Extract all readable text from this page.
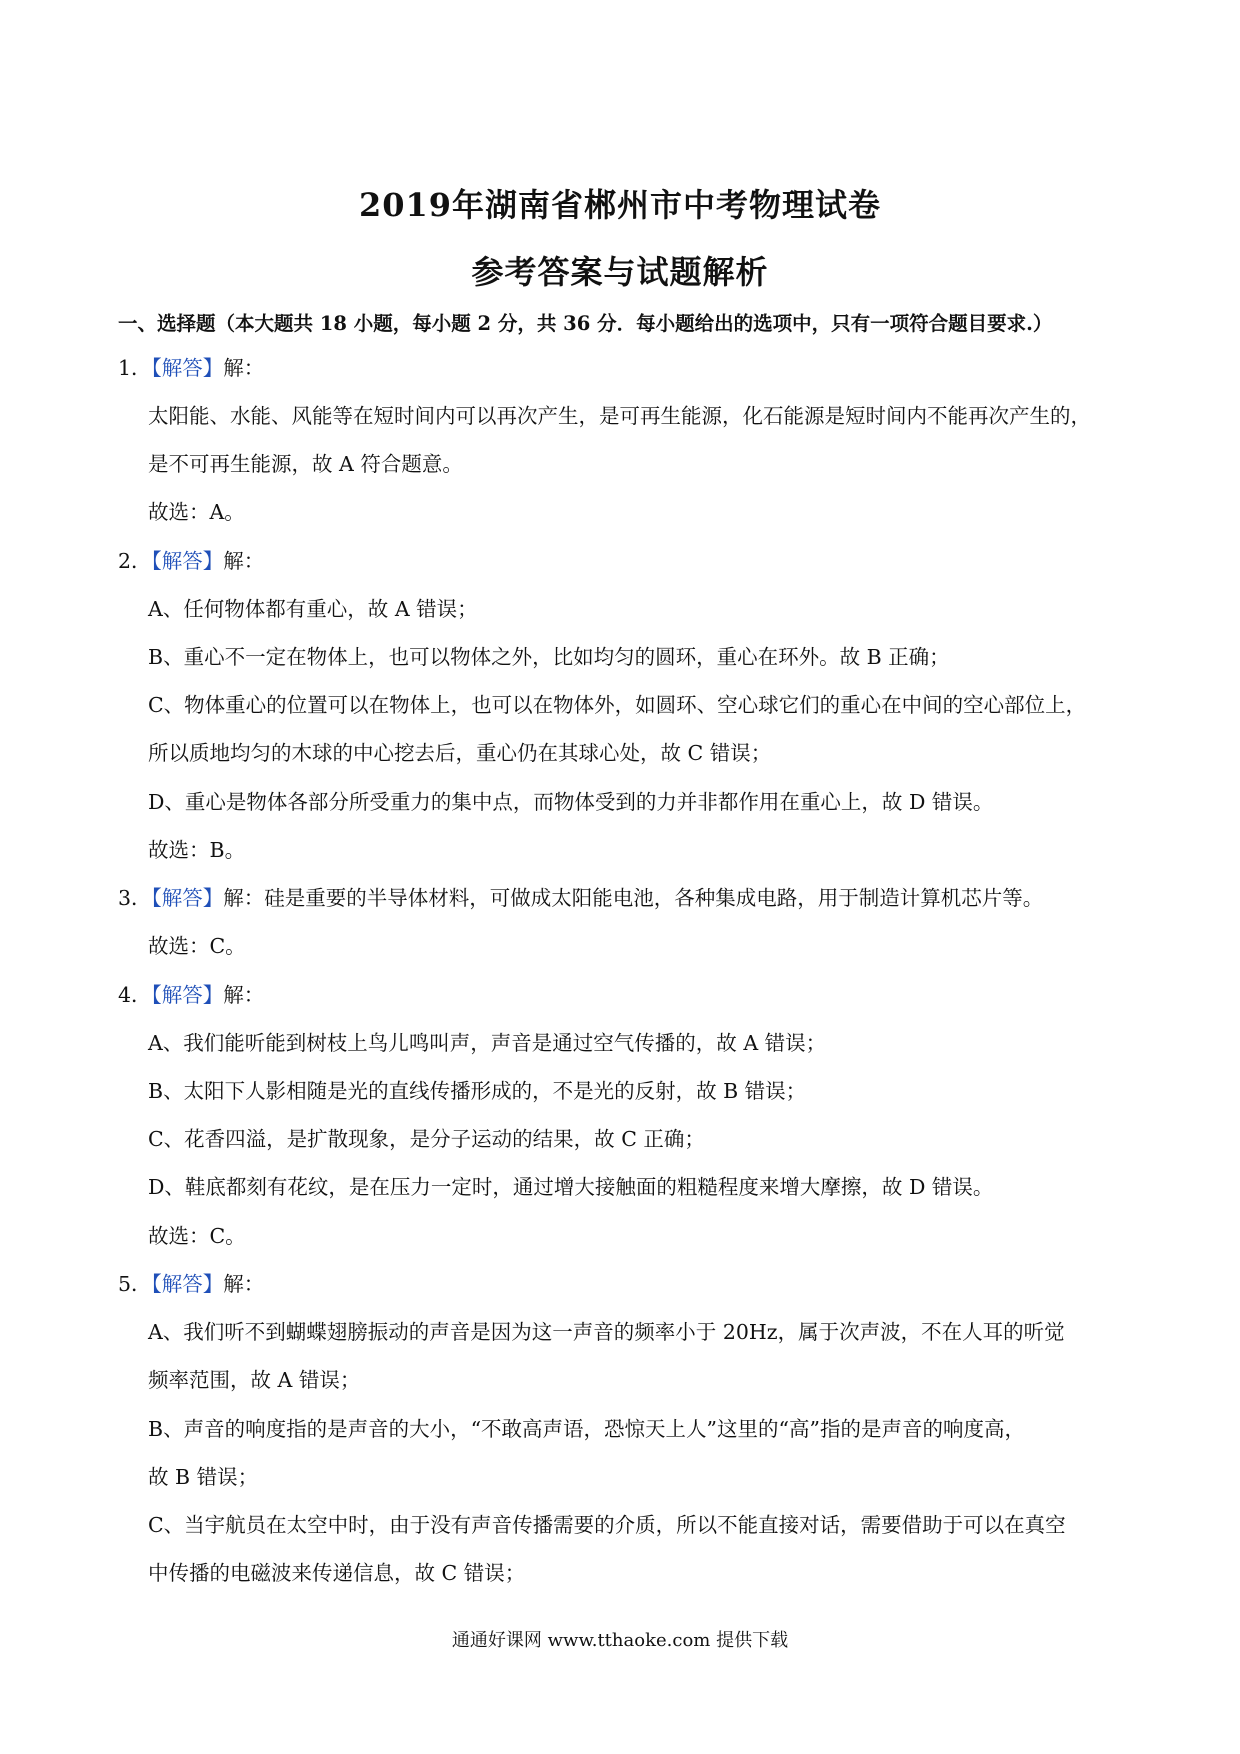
2019年湖南省郴州市中考物理试卷
参考答案与试题解析
一、选择题（本大题共 18 小题，每小题 2 分，共 36 分．每小题给出的选项中，只有一项符合题目要求.）
1．【解答】解：
太阳能、水能、风能等在短时间内可以再次产生，是可再生能源，化石能源是短时间内不能再次产生的，
是不可再生能源，故 A 符合题意。
故选：A。
2．【解答】解：
A、任何物体都有重心，故 A 错误；
B、重心不一定在物体上，也可以物体之外，比如均匀的圆环，重心在环外。故 B 正确；
C、物体重心的位置可以在物体上，也可以在物体外，如圆环、空心球它们的重心在中间的空心部位上，
所以质地均匀的木球的中心挖去后，重心仍在其球心处，故 C 错误；
D、重心是物体各部分所受重力的集中点，而物体受到的力并非都作用在重心上，故 D 错误。
故选：B。
3．【解答】解：硅是重要的半导体材料，可做成太阳能电池，各种集成电路，用于制造计算机芯片等。
故选：C。
4．【解答】解：
A、我们能听能到树枝上鸟儿鸣叫声，声音是通过空气传播的，故 A 错误；
B、太阳下人影相随是光的直线传播形成的，不是光的反射，故 B 错误；
C、花香四溢，是扩散现象，是分子运动的结果，故 C 正确；
D、鞋底都刻有花纹，是在压力一定时，通过增大接触面的粗糙程度来增大摩擦，故 D 错误。
故选：C。
5．【解答】解：
A、我们听不到蝴蝶翅膀振动的声音是因为这一声音的频率小于 20Hz，属于次声波，不在人耳的听觉
频率范围，故 A 错误；
B、声音的响度指的是声音的大小，“不敢高声语，恐惊天上人”这里的“高”指的是声音的响度高，
故 B 错误；
C、当宇航员在太空中时，由于没有声音传播需要的介质，所以不能直接对话，需要借助于可以在真空
中传播的电磁波来传递信息，故 C 错误；
通通好课网 www.tthaoke.com 提供下载
